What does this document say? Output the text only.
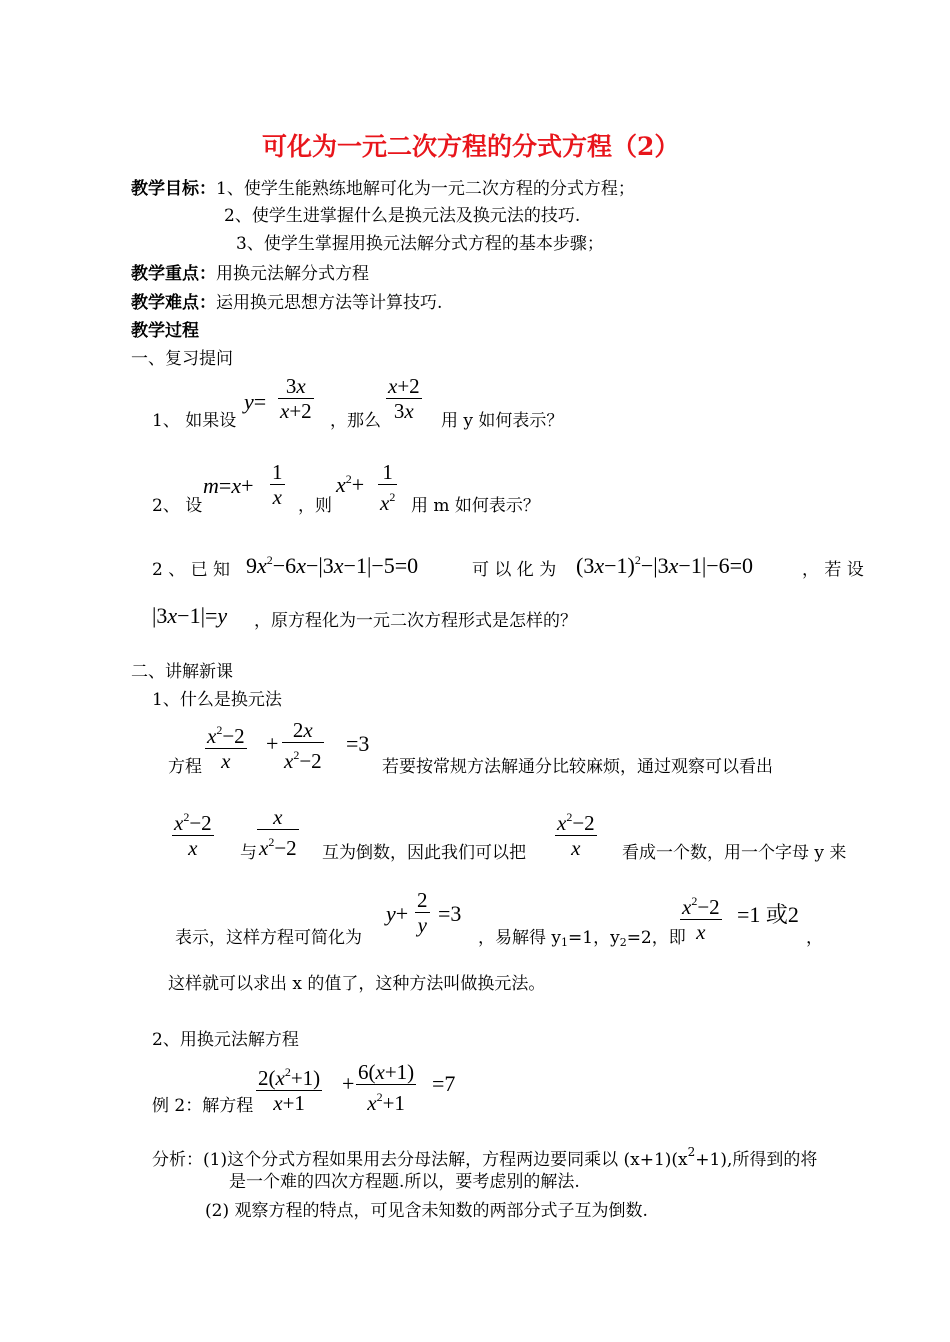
可化为一元二次方程的分式方程（2）
教学目标：1、使学生能熟练地解可化为一元二次方程的分式方程；
2、使学生进掌握什么是换元法及换元法的技巧.
3、使学生掌握用换元法解分式方程的基本步骤；
教学重点：用换元法解分式方程
教学难点：运用换元思想方法等计算技巧.
教学过程
一、复习提问
1、 如果设
y=
3x
x+2 ，那么
x+2
3x	用 y 如何表示？
2、 设
m=x+
1
x ，则
$x^2+ 1$
$x^2$ 用 m 如何表示？
2 、 已 知 $9x^2-6x-|3x-1|-5=0$	可 以 化 为 $(3x-1)^2-|3x-1|-6=0$	， 若 设
|3x−1|=y ，原方程化为一元二次方程形式是怎样的？
二、讲解新课
1、什么是换元法
方程
$x^2-2$
x
+
2x
$x^2-2$
=3
若要按常规方法解通分比较麻烦，通过观察可以看出
$x^2-2$
x	与
x
$x^2-2$ 互为倒数，因此我们可以把
$x^2-2$
x	看成一个数，用一个字母 y 来
表示，这样方程可简化为
y+
2
y =3
，易解得 $y_1=1$，$y_2=2$，即
$x^2-2$
x
=1 或2
，
这样就可以求出 x 的值了，这种方法叫做换元法。
2、用换元法解方程
例 2：解方程
$2(x^2+1)$
x+1
+ 6(x+1)
$x^2+1$
=7
分析：(1)这个分式方程如果用去分母法解，方程两边要同乘以 $(x+1)(x^2+1)$,所得到的将
是一个难的四次方程题.所以，要考虑别的解法.
(2) 观察方程的特点，可见含未知数的两部分式子互为倒数.
